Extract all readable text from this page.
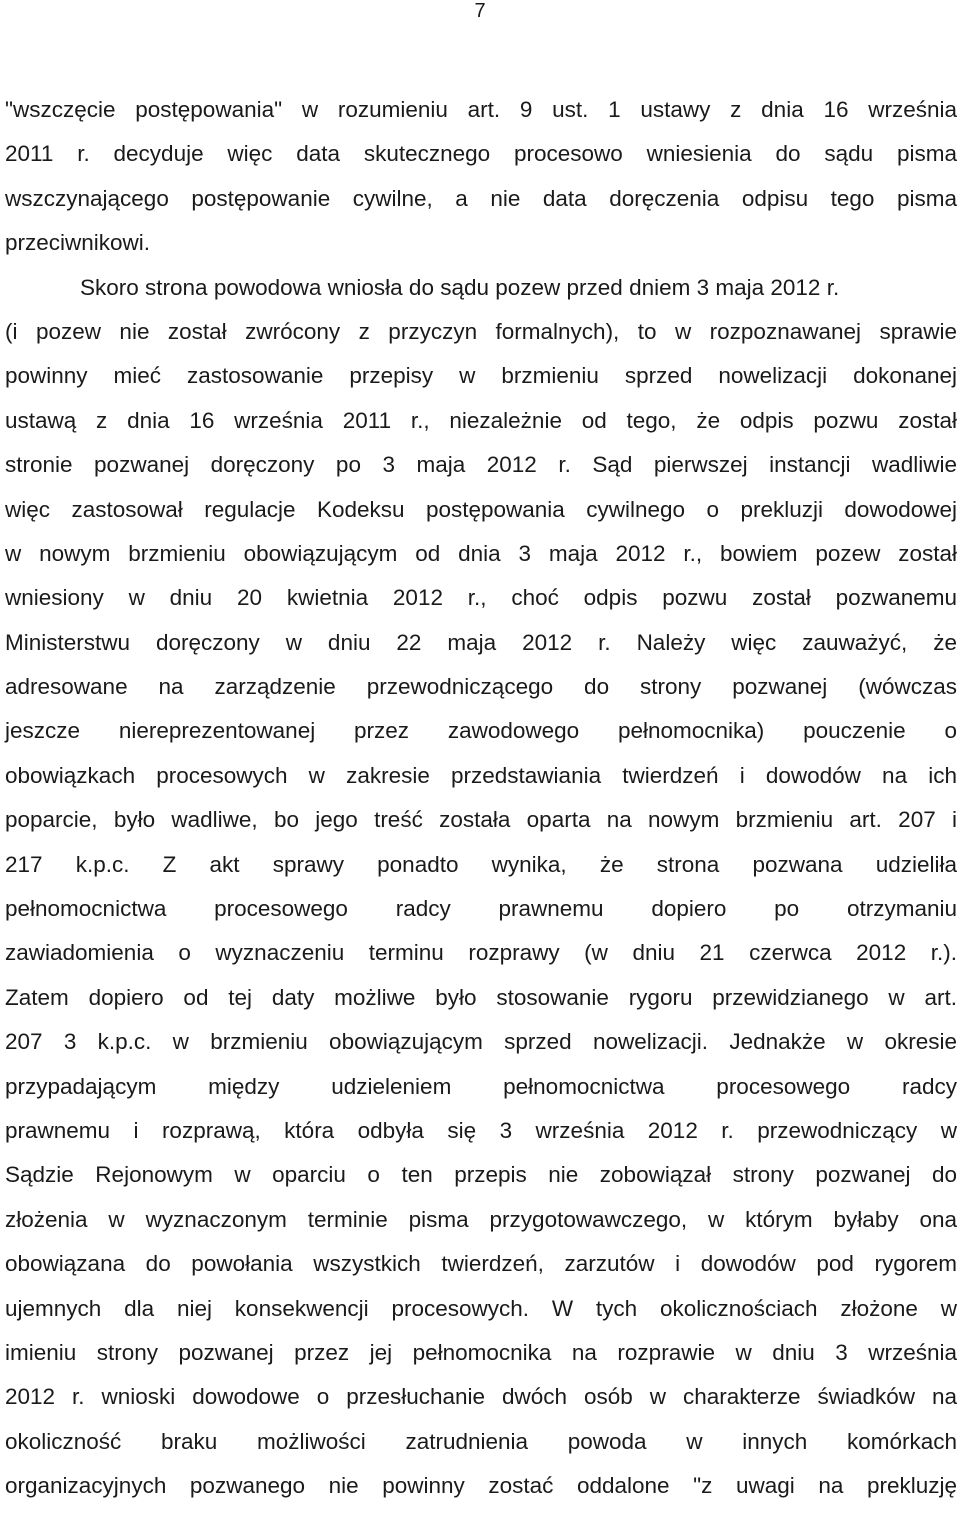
7
"wszczęcie postępowania" w rozumieniu art. 9 ust. 1 ustawy z dnia 16 września
2011 r. decyduje więc data skutecznego procesowo wniesienia do sądu pisma
wszczynającego postępowanie cywilne, a nie data doręczenia odpisu tego pisma
przeciwnikowi.
Skoro strona powodowa wniosła do sądu pozew przed dniem 3 maja 2012 r.
(i pozew nie został zwrócony z przyczyn formalnych), to w rozpoznawanej sprawie
powinny mieć zastosowanie przepisy w brzmieniu sprzed nowelizacji dokonanej
ustawą z dnia 16 września 2011 r., niezależnie od tego, że odpis pozwu został
stronie pozwanej doręczony po 3 maja 2012 r. Sąd pierwszej instancji wadliwie
więc zastosował regulacje Kodeksu postępowania cywilnego o prekluzji dowodowej
w nowym brzmieniu obowiązującym od dnia 3 maja 2012 r., bowiem pozew został
wniesiony w dniu 20 kwietnia 2012 r., choć odpis pozwu został pozwanemu
Ministerstwu doręczony w dniu 22 maja 2012 r. Należy więc zauważyć, że
adresowane na zarządzenie przewodniczącego do strony pozwanej (wówczas
jeszcze niereprezentowanej przez zawodowego pełnomocnika) pouczenie o
obowiązkach procesowych w zakresie przedstawiania twierdzeń i dowodów na ich
poparcie, było wadliwe, bo jego treść została oparta na nowym brzmieniu art. 207 i
217 k.p.c. Z akt sprawy ponadto wynika, że strona pozwana udzieliła
pełnomocnictwa procesowego radcy prawnemu dopiero po otrzymaniu
zawiadomienia o wyznaczeniu terminu rozprawy (w dniu 21 czerwca 2012 r.).
Zatem dopiero od tej daty możliwe było stosowanie rygoru przewidzianego w art.
207 3 k.p.c. w brzmieniu obowiązującym sprzed nowelizacji. Jednakże w okresie
przypadającym między udzieleniem pełnomocnictwa procesowego radcy
prawnemu i rozprawą, która odbyła się 3 września 2012 r. przewodniczący w
Sądzie Rejonowym w oparciu o ten przepis nie zobowiązał strony pozwanej do
złożenia w wyznaczonym terminie pisma przygotowawczego, w którym byłaby ona
obowiązana do powołania wszystkich twierdzeń, zarzutów i dowodów pod rygorem
ujemnych dla niej konsekwencji procesowych. W tych okolicznościach złożone w
imieniu strony pozwanej przez jej pełnomocnika na rozprawie w dniu 3 września
2012 r. wnioski dowodowe o przesłuchanie dwóch osób w charakterze świadków na
okoliczność braku możliwości zatrudnienia powoda w innych komórkach
organizacyjnych pozwanego nie powinny zostać oddalone "z uwagi na prekluzję
